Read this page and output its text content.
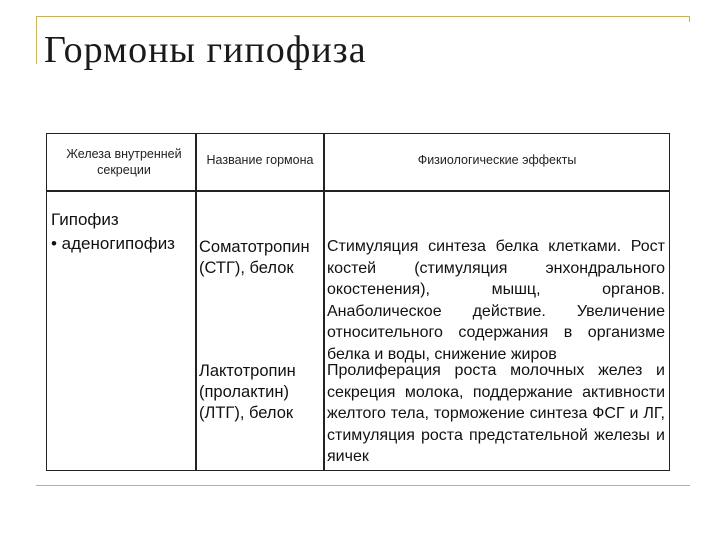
Гормоны гипофиза
Железа внутренней секреции
Название гормона	Физиологические эффекты
Гипофиз
• аденогипофиз Соматотропин (СТГ), белок
Стимуляция синтеза белка клетками. Рост костей (стимуляция энхондрального окостенения), мышц, органов. Анаболическое действие. Увеличение относительного содержания в организме белка и воды, снижение жиров
Лактотропин (пролактин) (ЛТГ), белок
Пролиферация роста молочных желез и секреция молока, поддержание активности желтого тела, торможение синтеза ФСГ и ЛГ, стимуляция роста предстательной железы и яичек
